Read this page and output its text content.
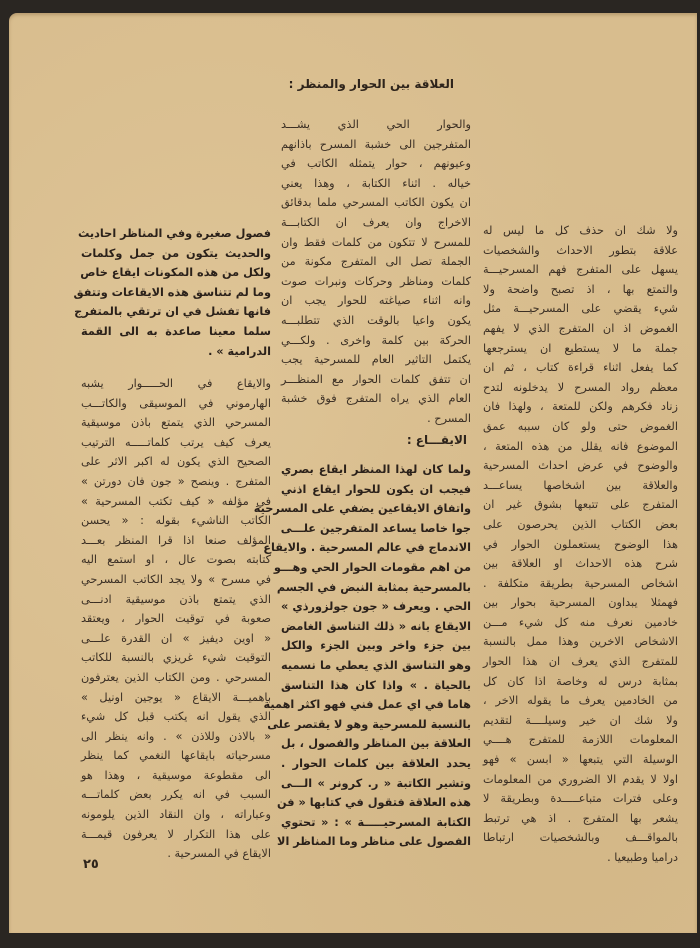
ولا شك ان حذف كل ما ليس له
علاقة بتطور الاحداث والشخصيات
يسهل على المتفرج فهم المسرحيـــة
والتمتع بها ، اذ تصبح واضحة ولا
شيء يقضي على المسرحيـــة مثل
الغموض اذ ان المتفرج الذي لا يفهم
جملة ما لا يستطيع ان يسترجعها
كما يفعل اثناء قراءة كتاب ، ثم ان
معظم رواد المسرح لا يدخلونه لتدح
زناد فكرهم ولكن للمتعة ، ولهذا فان
الغموض حتى ولو كان سببه عمق
الموضوع فانه يقلل من هذه المتعة ،
والوضوح في عرض احداث المسرحية
والعلاقة بين اشخاصها يساعـــد
المتفرج على تتبعها بشوق غير ان
بعض الكتاب الذين يحرصون على
هذا الوضوح يستعملون الحوار في
شرح هذه الاحداث او العلاقة بين
اشخاص المسرحية بطريقة متكلفة .
فهمثلا يبداون المسرحية بحوار بين
خادمين نعرف منه كل شيء مـــن
الاشخاص الاخرين وهذا ممل بالنسبة
للمتفرج الذي يعرف ان هذا الحوار
بمثابة درس له وخاصة اذا كان كل
من الخادمين يعرف ما يقوله الاخر ،
ولا شك ان خير وسيلــــة لتقديم
المعلومات اللازمة للمتفرج هــــي
الوسيلة التي يتبعها « ابسن » فهو
اولا لا يقدم الا الضروري من المعلومات
وعلى فترات متباعـــــدة وبطريقة لا
يشعر بها المتفرج . اذ هي ترتبط
بالمواقـــف وبالشخصيات ارتباطا
دراميا وطبيعيا .
العلاقة بين الحوار والمنظر :
والحوار الحي الذي يشـــد
المتفرجين الى خشبة المسرح باذانهم
وعيونهم ، حوار يتمثله الكاتب في
خياله . اثناء الكتابة ، وهذا يعني
ان يكون الكاتب المسرحي ملما بدقائق
الاخراج وان يعرف ان الكتابـــة
للمسرح لا تتكون من كلمات فقط وان
الجملة تصل الى المتفرج مكونة من
كلمات ومناظر وحركات ونبرات صوت
وانه اثناء صياغته للحوار يجب ان
يكون واعيا بالوقت الذي تتطلبـــه
الحركة بين كلمة واخرى . ولكـــي
يكتمل التاثير العام للمسرحية يجب
ان تتفق كلمات الحوار مع المنظـــر
العام الذي يراه المتفرج فوق خشبة
المسرح .
الايقـــاع :
ولما كان لهذا المنظر ايقاع بصري
فيجب ان يكون للحوار ايقاع اذني
واتفاق الايقاعين يضفي على المسرحية
جوا خاصا يساعد المتفرجين علـــى
الاندماج في عالم المسرحية . والايقاع
من اهم مقومات الحوار الحي وهـــو
بالمسرحية بمثابة النبض في الجسم
الحي . ويعرف « جون جولزورذي »
الايقاع بانه « ذلك التناسق الغامض
بين جزء واخر وبين الجزء والكل
وهو التناسق الذي يعطي ما نسميه
بالحياة . » واذا كان هذا التناسق
هاما في اي عمل فني فهو اكثر اهمية
بالنسبة للمسرحية وهو لا يقتصر على
العلاقة بين المناظر والفصول ، بل
يحدد العلاقة بين كلمات الحوار .
وتشير الكاتبة « ر. كرونر » الـــى
هذه العلاقة فتقول في كتابها « فن
الكتابة المسرحيـــــة » : « تحتوي
الفصول على مناظر وما المناظر الا
فصول صغيرة وفي المناظر احاديث
والحديث يتكون من جمل وكلمات
ولكل من هذه المكونات ايقاع خاص
وما لم تتناسق هذه الايقاعات وتتفق
فانها تفشل في ان ترتقي بالمتفرج
سلما معينا صاعدة به الى القمة
الدرامية » .
والايقاع في الحـــــوار يشبه
الهارموني في الموسيقى والكاتـــب
المسرحي الذي يتمتع باذن موسيقية
يعرف كيف يرتب كلماتـــــه الترتيب
الصحيح الذي يكون له اكبر الاثر على
المتفرج . وينصح « جون فان دورتن »
في مؤلفه « كيف تكتب المسرحية »
الكاتب الناشيء بقوله : « يحسن
المؤلف صنعا اذا قرا المنظر بعـــد
كتابته بصوت عال ، او استمع اليه
في مسرح » ولا يجد الكاتب المسرحي
الذي يتمتع باذن موسيقية ادنـــى
صعوبة في توقيت الحوار ، ويعتقد
« اوين ديفيز » ان القدرة علـــى
التوقيت شيء غريزي بالنسبة للكاتب
المسرحي . ومن الكتاب الذين يعترفون
باهميـــة الايقاع « يوجين اونيل »
الذي يقول انه يكتب قبل كل شيء
« بالاذن وللاذن » . وانه ينظر الى
مسرحياته بايقاعها النغمي كما ينظر
الى مقطوعة موسيقية ، وهذا هو
السبب في انه يكرر بعض كلماتـــه
وعباراته ، وان النقاد الذين يلومونه
على هذا التكرار لا يعرفون قيمـــة
الايقاع في المسرحية .
٢٥
